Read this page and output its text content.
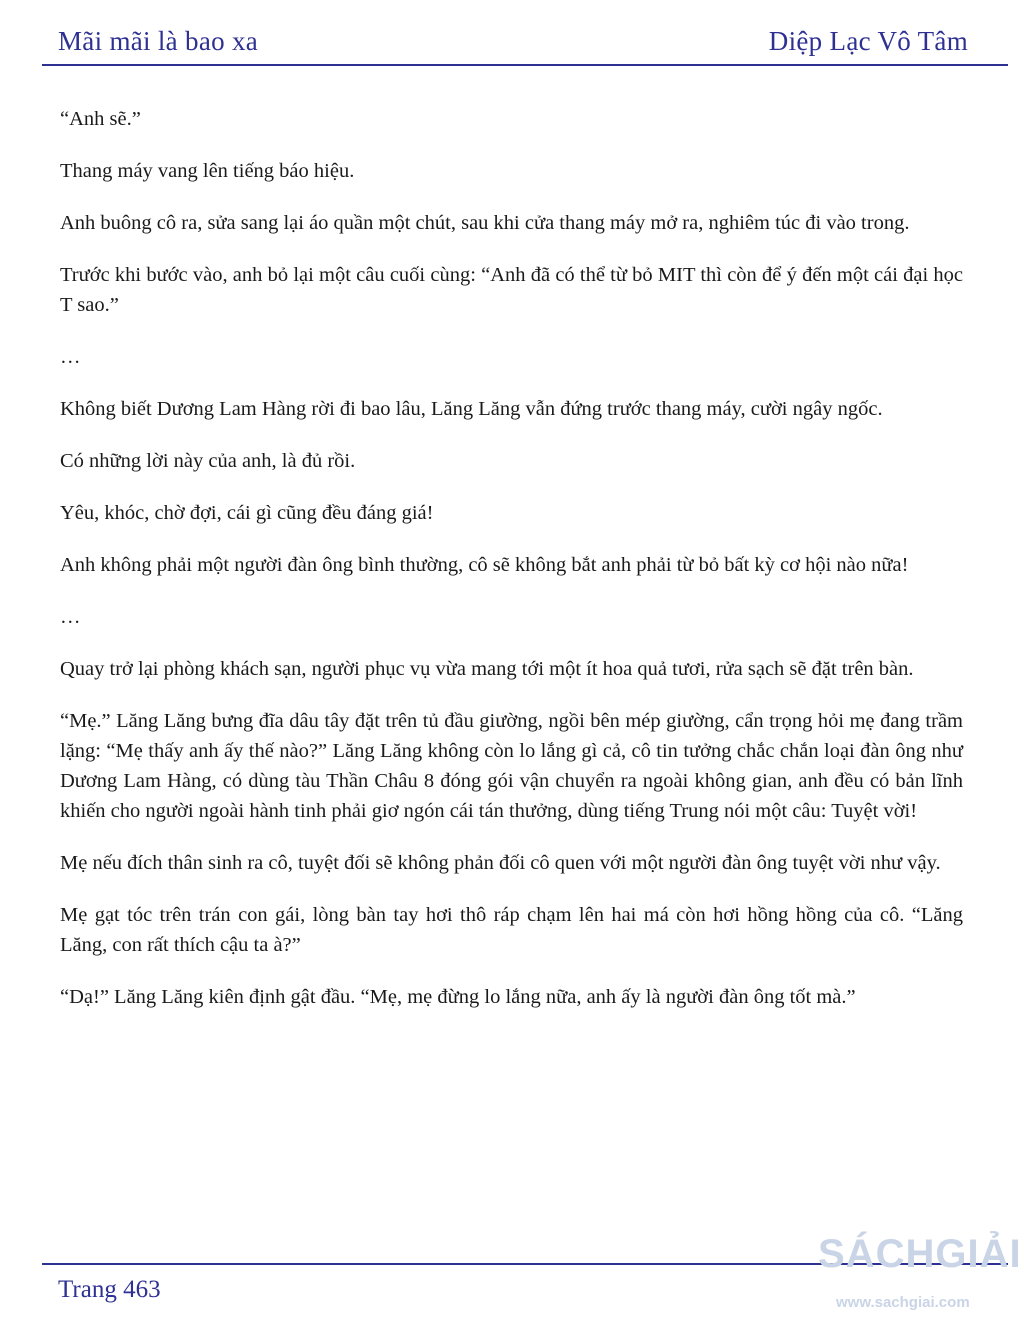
Mãi mãi là bao xa	Diệp Lạc Vô Tâm

“Anh sẽ.”

Thang máy vang lên tiếng báo hiệu.

Anh buông cô ra, sửa sang lại áo quần một chút, sau khi cửa thang máy mở ra, nghiêm túc đi vào trong.

Trước khi bước vào, anh bỏ lại một câu cuối cùng: “Anh đã có thể từ bỏ MIT thì còn để ý đến một cái đại học T sao.”

…

Không biết Dương Lam Hàng rời đi bao lâu, Lăng Lăng vẫn đứng trước thang máy, cười ngây ngốc.

Có những lời này của anh, là đủ rồi.

Yêu, khóc, chờ đợi, cái gì cũng đều đáng giá!

Anh không phải một người đàn ông bình thường, cô sẽ không bắt anh phải từ bỏ bất kỳ cơ hội nào nữa!

…

Quay trở lại phòng khách sạn, người phục vụ vừa mang tới một ít hoa quả tươi, rửa sạch sẽ đặt trên bàn.

“Mẹ.” Lăng Lăng bưng đĩa dâu tây đặt trên tủ đầu giường, ngồi bên mép giường, cẩn trọng hỏi mẹ đang trầm lặng: “Mẹ thấy anh ấy thế nào?” Lăng Lăng không còn lo lắng gì cả, cô tin tưởng chắc chắn loại đàn ông như Dương Lam Hàng, có dùng tàu Thần Châu 8 đóng gói vận chuyển ra ngoài không gian, anh đều có bản lĩnh khiến cho người ngoài hành tinh phải giơ ngón cái tán thưởng, dùng tiếng Trung nói một câu: Tuyệt vời!

Mẹ nếu đích thân sinh ra cô, tuyệt đối sẽ không phản đối cô quen với một người đàn ông tuyệt vời như vậy.

Mẹ gạt tóc trên trán con gái, lòng bàn tay hơi thô ráp chạm lên hai má còn hơi hồng hồng của cô. “Lăng Lăng, con rất thích cậu ta à?”

“Dạ!” Lăng Lăng kiên định gật đầu. “Mẹ, mẹ đừng lo lắng nữa, anh ấy là người đàn ông tốt mà.”

Trang 463
SÁCHGIẢI
www.sachgiai.com
